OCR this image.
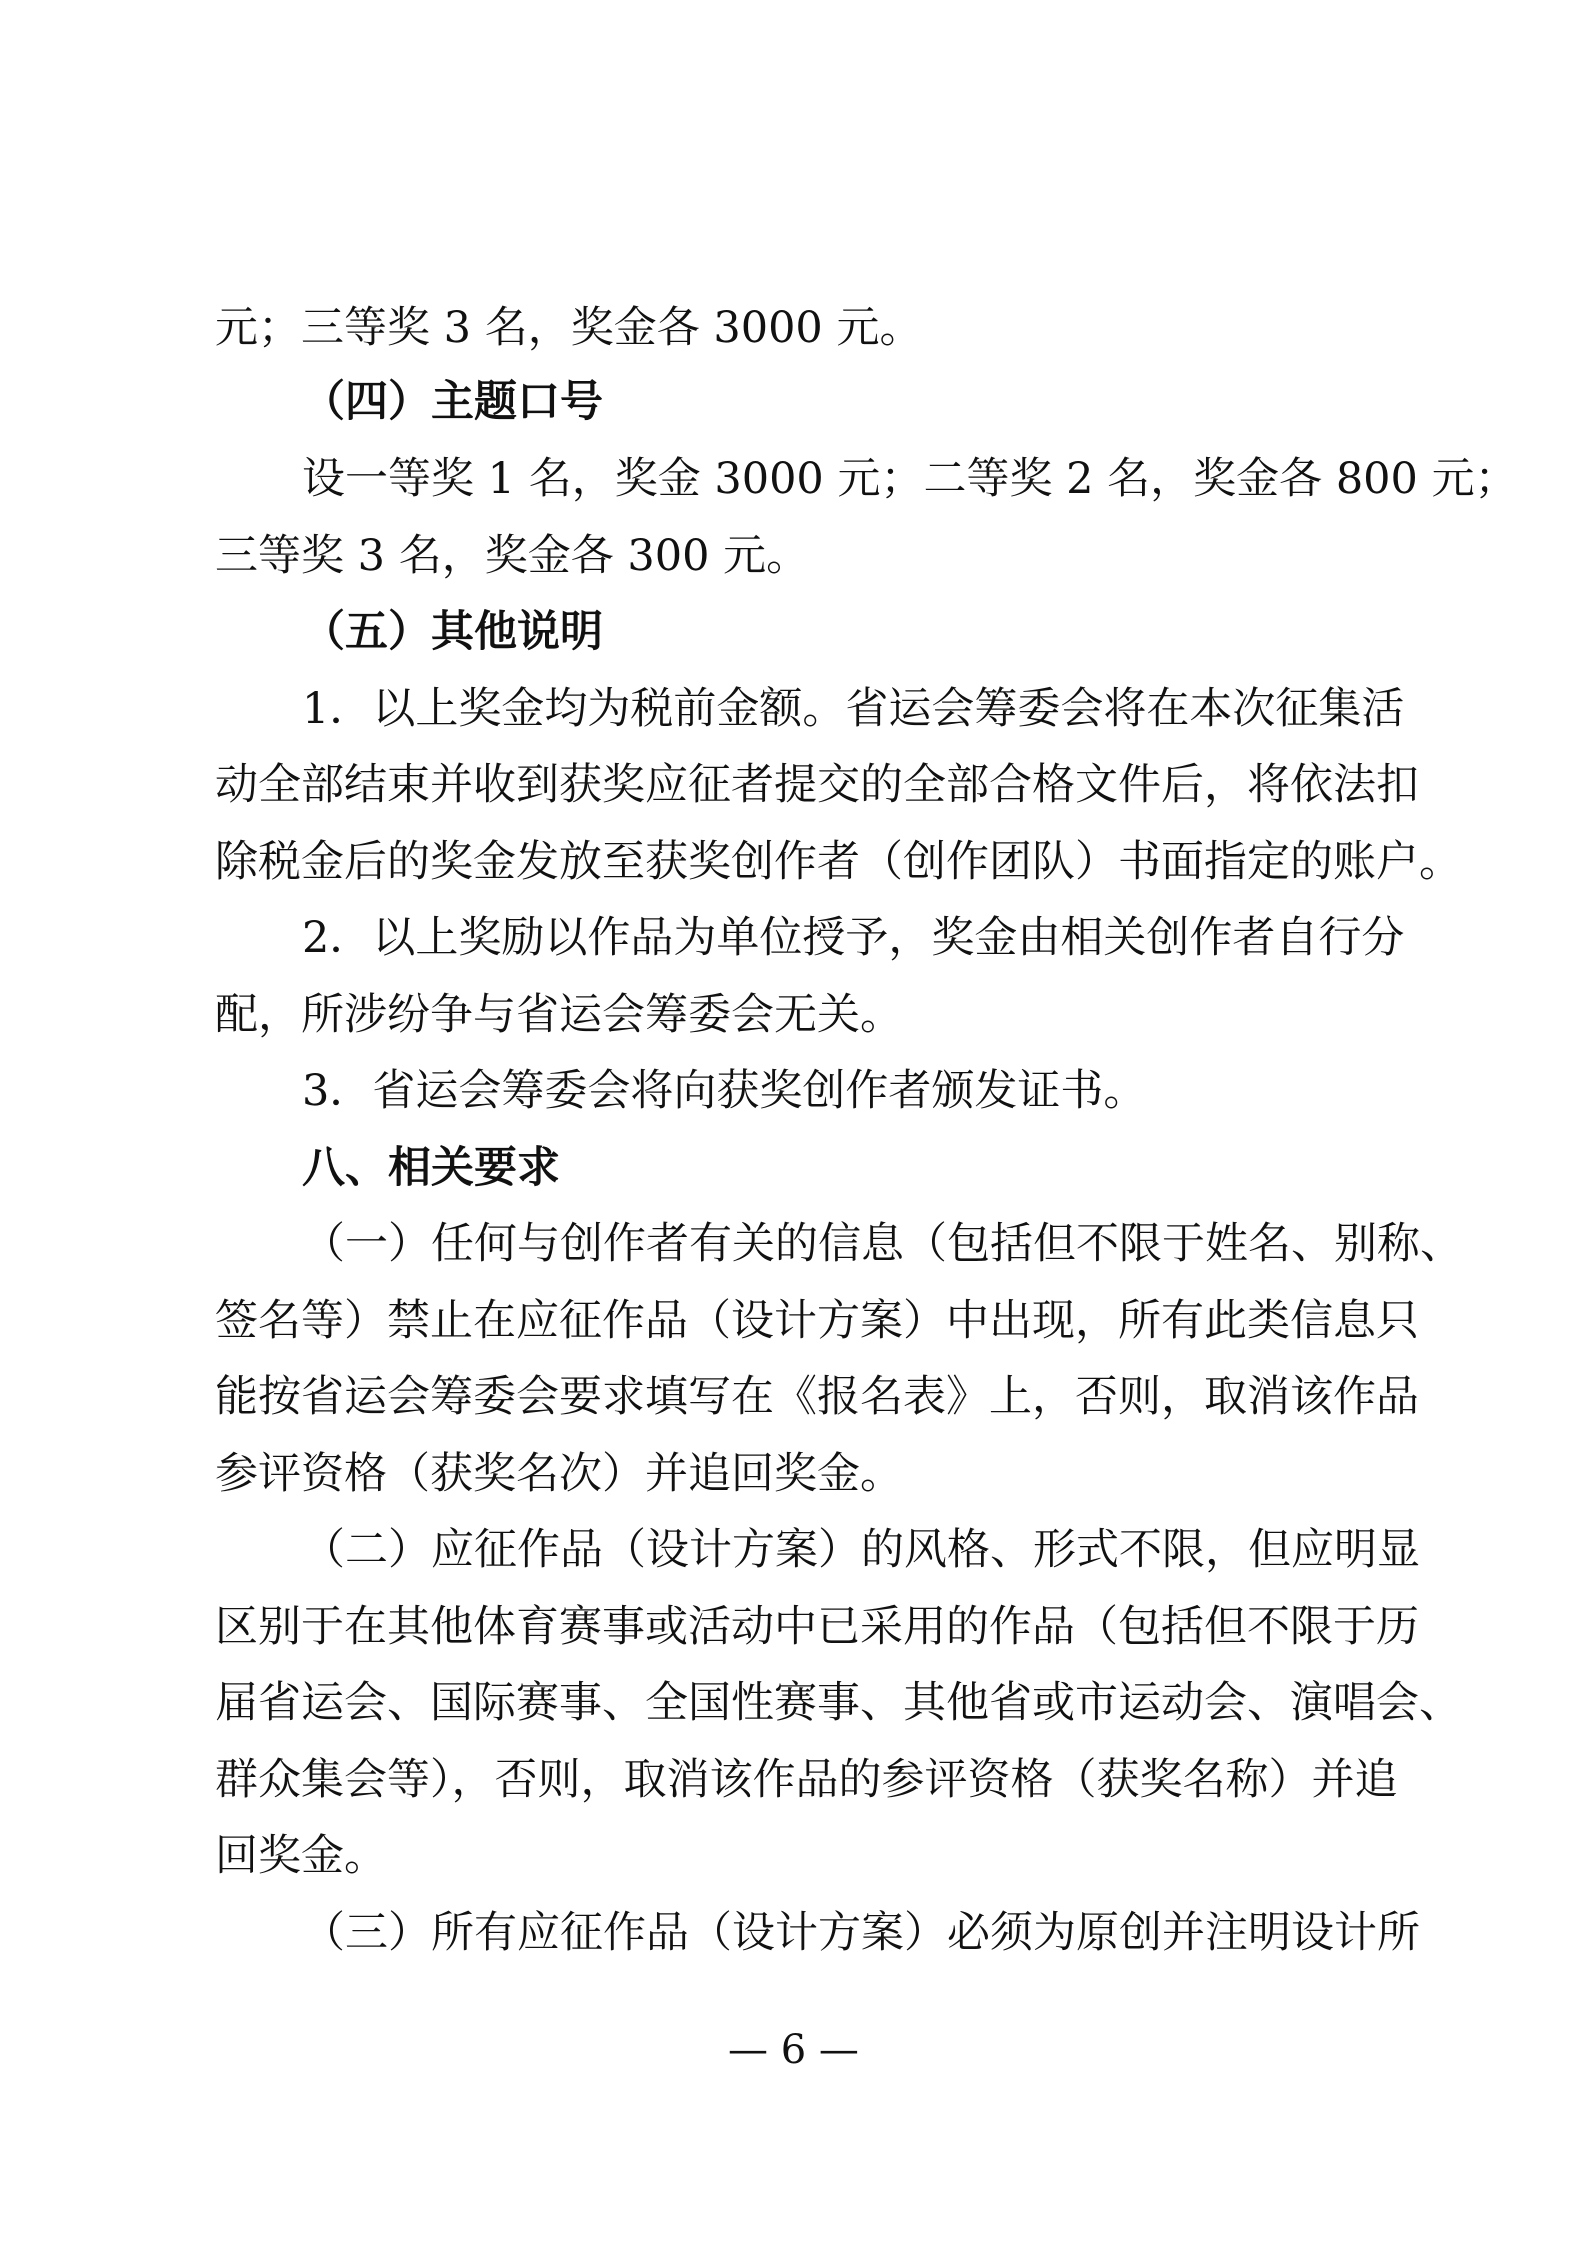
元；三等奖 3 名，奖金各 3000 元。
（四）主题口号
设一等奖 1 名，奖金 3000 元；二等奖 2 名，奖金各 800 元；
三等奖 3 名，奖金各 300 元。
（五）其他说明
1．以上奖金均为税前金额。省运会筹委会将在本次征集活
动全部结束并收到获奖应征者提交的全部合格文件后，将依法扣
除税金后的奖金发放至获奖创作者（创作团队）书面指定的账户。
2．以上奖励以作品为单位授予，奖金由相关创作者自行分
配，所涉纷争与省运会筹委会无关。
3．省运会筹委会将向获奖创作者颁发证书。
八、相关要求
（一）任何与创作者有关的信息（包括但不限于姓名、别称、
签名等）禁止在应征作品（设计方案）中出现，所有此类信息只
能按省运会筹委会要求填写在《报名表》上，否则，取消该作品
参评资格（获奖名次）并追回奖金。
（二）应征作品（设计方案）的风格、形式不限，但应明显
区别于在其他体育赛事或活动中已采用的作品（包括但不限于历
届省运会、国际赛事、全国性赛事、其他省或市运动会、演唱会、
群众集会等），否则，取消该作品的参评资格（获奖名称）并追
回奖金。
（三）所有应征作品（设计方案）必须为原创并注明设计所
— 6 —
